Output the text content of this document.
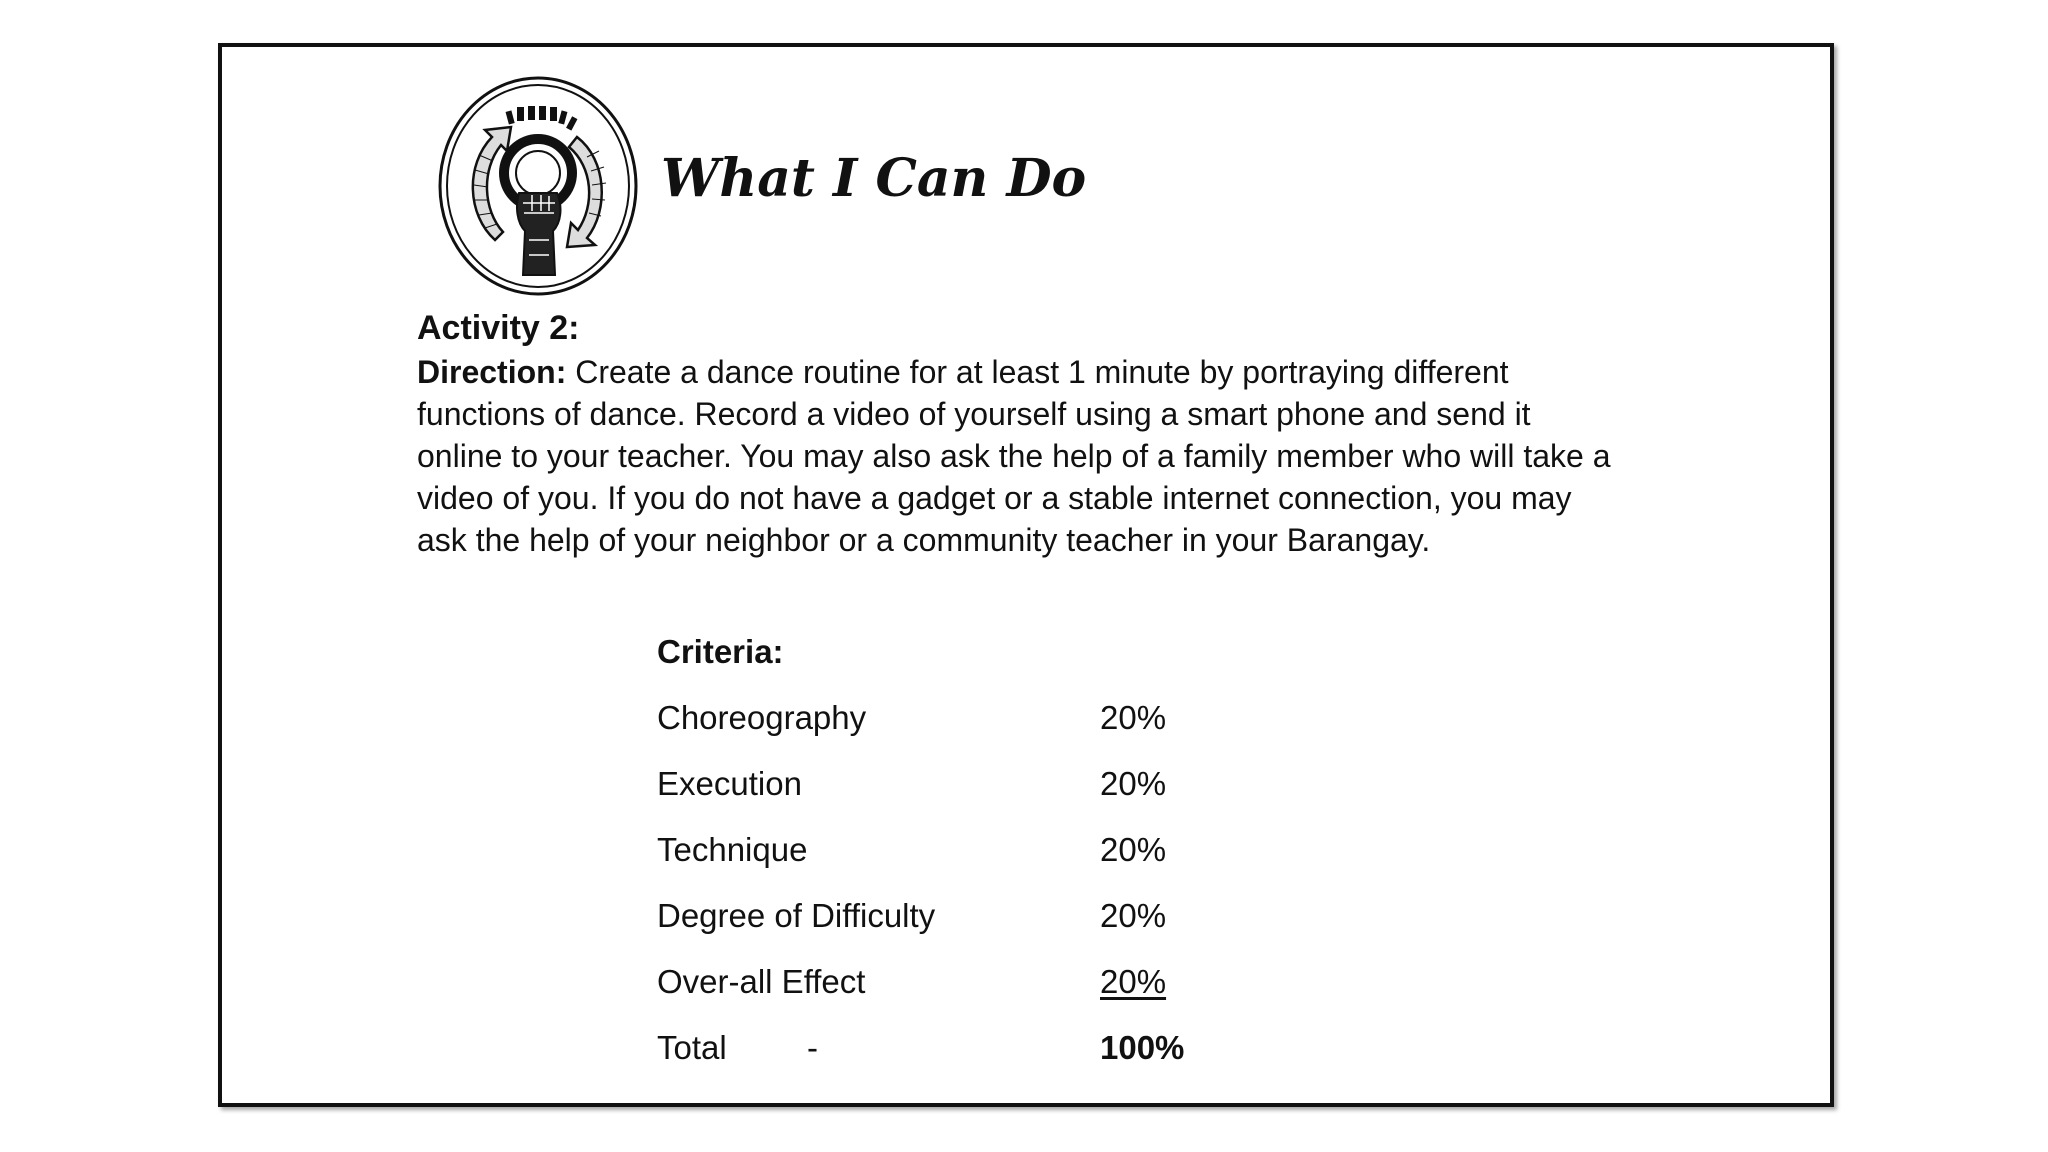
What I Can Do
Activity 2:
Direction: Create a dance routine for at least 1 minute by portraying different
functions of dance. Record a video of yourself using a smart phone and send it
online to your teacher. You may also ask the help of a family member who will take a
video of you. If you do not have a gadget or a stable internet connection, you may
ask the help of your neighbor or a community teacher in your Barangay.
Criteria:
Choreography	20%
Execution	20%
Technique	20%
Degree of Difficulty	20%
Over-all Effect	20%
Total -	100%
